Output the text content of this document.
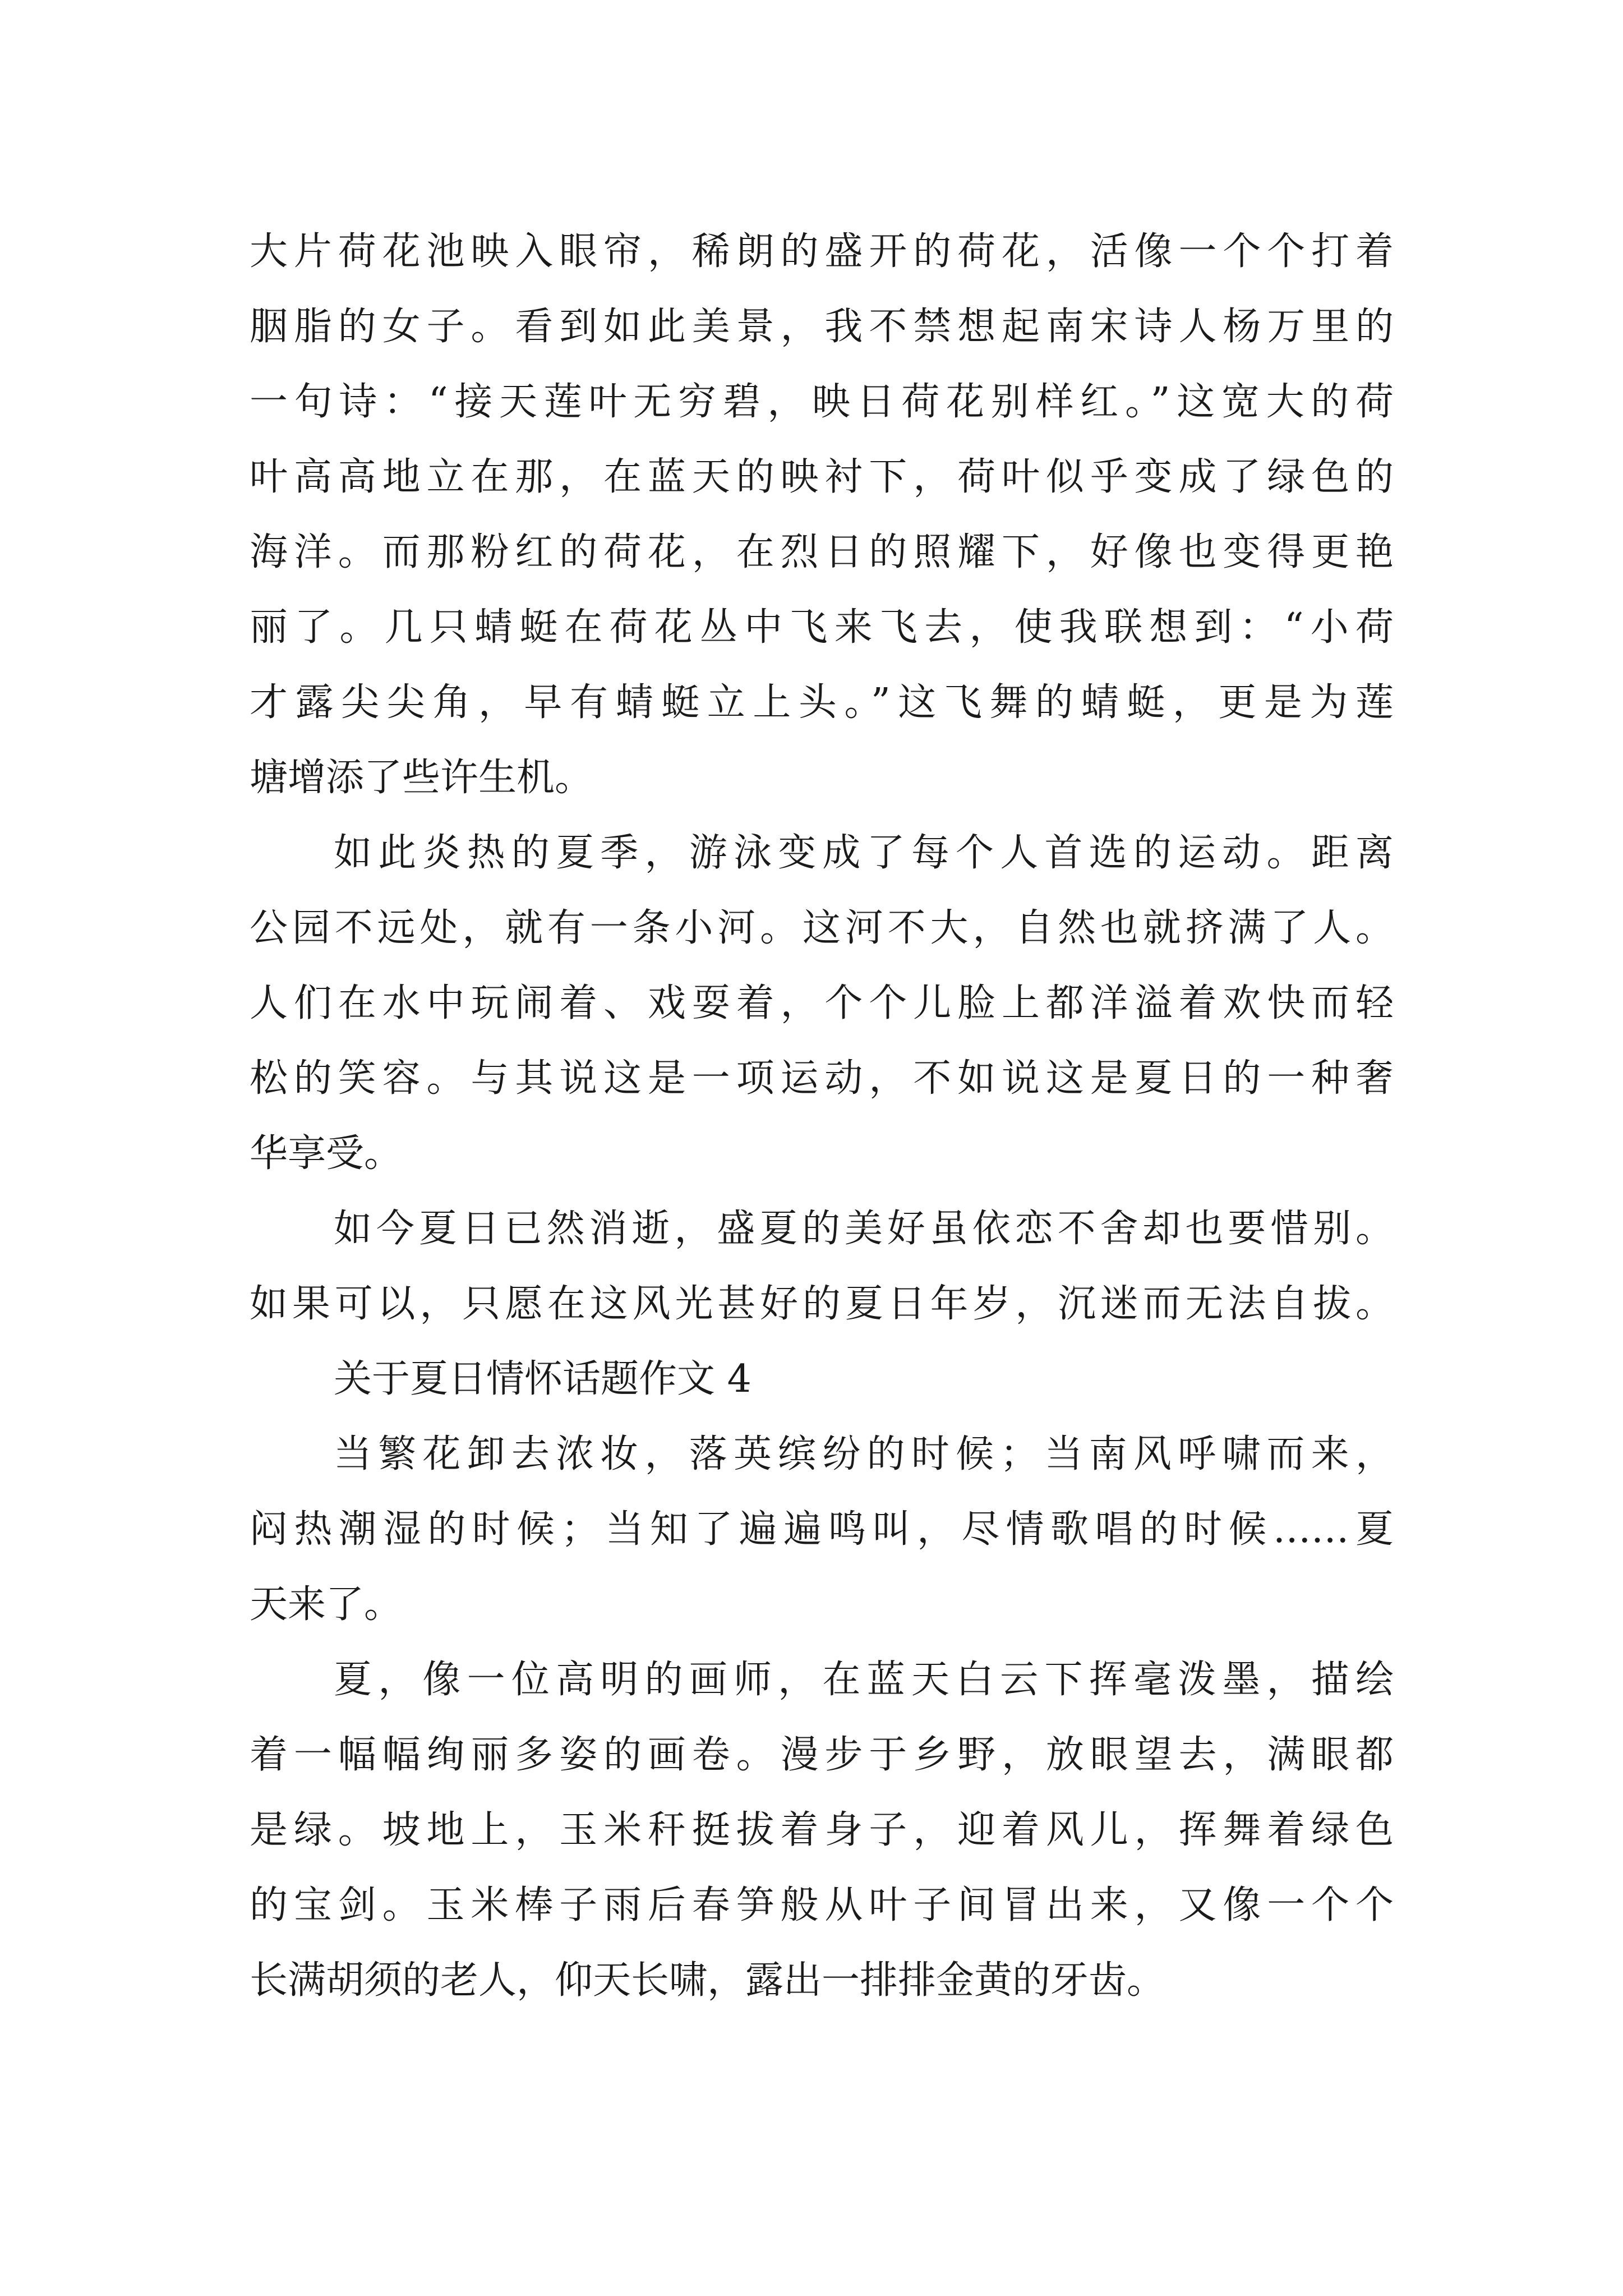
大片荷花池映入眼帘，稀朗的盛开的荷花，活像一个个打着
胭脂的女子。看到如此美景，我不禁想起南宋诗人杨万里的
一句诗：“接天莲叶无穷碧，映日荷花别样红。”这宽大的荷
叶高高地立在那，在蓝天的映衬下，荷叶似乎变成了绿色的
海洋。而那粉红的荷花，在烈日的照耀下，好像也变得更艳
丽了。几只蜻蜓在荷花丛中飞来飞去，使我联想到：“小荷
才露尖尖角，早有蜻蜓立上头。”这飞舞的蜻蜓，更是为莲
塘增添了些许生机。
如此炎热的夏季，游泳变成了每个人首选的运动。距离
公园不远处，就有一条小河。这河不大，自然也就挤满了人。
人们在水中玩闹着、戏耍着，个个儿脸上都洋溢着欢快而轻
松的笑容。与其说这是一项运动，不如说这是夏日的一种奢
华享受。
如今夏日已然消逝，盛夏的美好虽依恋不舍却也要惜别。
如果可以，只愿在这风光甚好的夏日年岁，沉迷而无法自拔。
关于夏日情怀话题作文 4
当繁花卸去浓妆，落英缤纷的时候；当南风呼啸而来，
闷热潮湿的时候；当知了遍遍鸣叫，尽情歌唱的时候……夏
天来了。
夏，像一位高明的画师，在蓝天白云下挥毫泼墨，描绘
着一幅幅绚丽多姿的画卷。漫步于乡野，放眼望去，满眼都
是绿。坡地上，玉米秆挺拔着身子，迎着风儿，挥舞着绿色
的宝剑。玉米棒子雨后春笋般从叶子间冒出来，又像一个个
长满胡须的老人，仰天长啸，露出一排排金黄的牙齿。
